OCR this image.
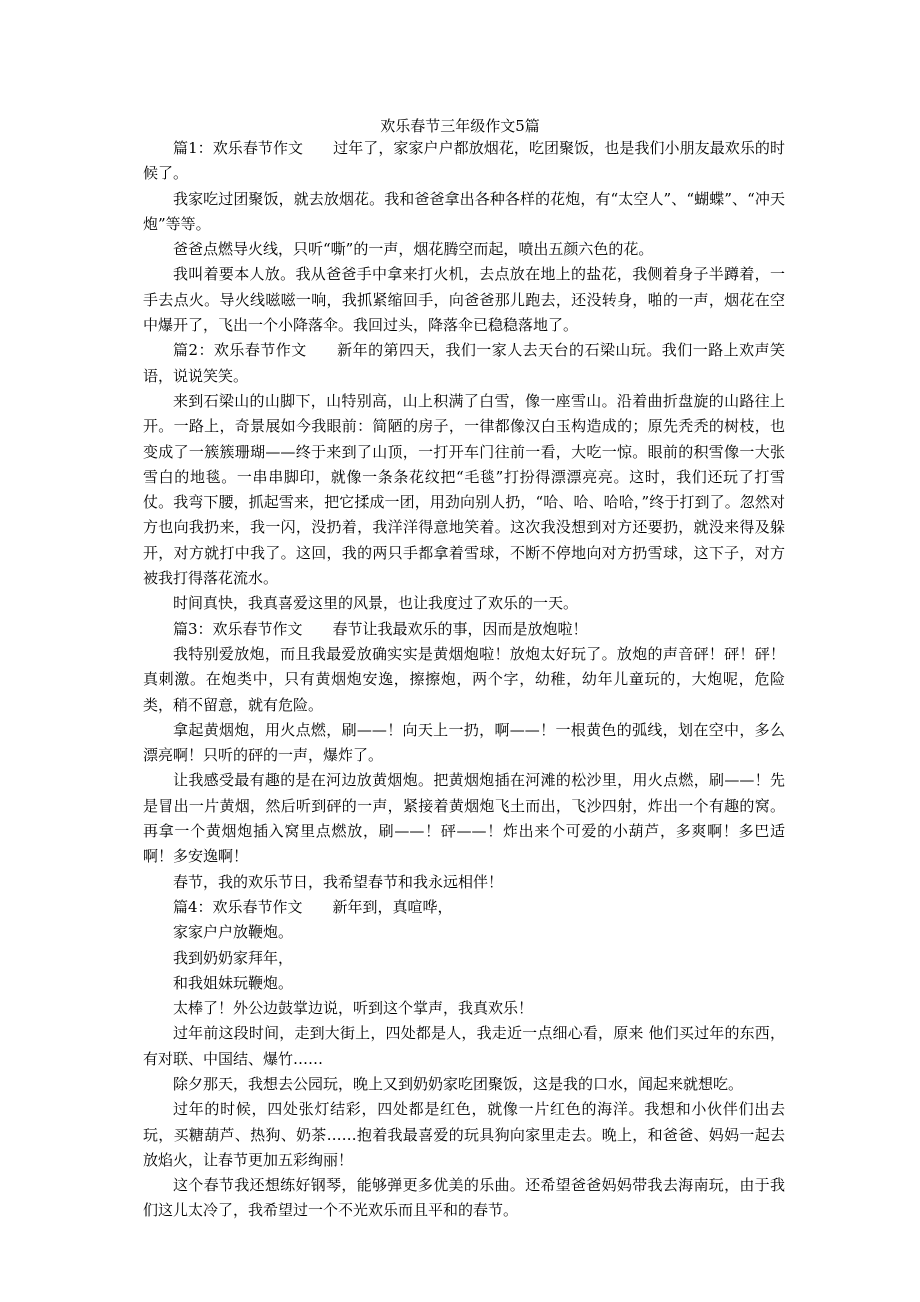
欢乐春节三年级作文5篇

篇1：欢乐春节作文 过年了，家家户户都放烟花，吃团聚饭，也是我们小朋友最欢乐的时候了。

我家吃过团聚饭，就去放烟花。我和爸爸拿出各种各样的花炮，有“太空人”、“蝴蝶”、“冲天炮”等等。

爸爸点燃导火线，只听“嘶”的一声，烟花腾空而起，喷出五颜六色的花。

我叫着要本人放。我从爸爸手中拿来打火机，去点放在地上的盐花，我侧着身子半蹲着，一手去点火。导火线嗞嗞一响，我抓紧缩回手，向爸爸那儿跑去，还没转身，啪的一声，烟花在空中爆开了，飞出一个小降落伞。我回过头，降落伞已稳稳落地了。

篇2：欢乐春节作文 新年的第四天，我们一家人去天台的石梁山玩。我们一路上欢声笑语，说说笑笑。

来到石梁山的山脚下，山特别高，山上积满了白雪，像一座雪山。沿着曲折盘旋的山路往上开。一路上，奇景展如今我眼前：简陋的房子，一律都像汉白玉构造成的；原先秃秃的树枝，也变成了一簇簇珊瑚——终于来到了山顶，一打开车门往前一看，大吃一惊。眼前的积雪像一大张雪白的地毯。一串串脚印，就像一条条花纹把“毛毯”打扮得漂漂亮亮。这时，我们还玩了打雪仗。我弯下腰，抓起雪来，把它揉成一团，用劲向别人扔，“哈、哈、哈哈，”终于打到了。忽然对方也向我扔来，我一闪，没扔着，我洋洋得意地笑着。这次我没想到对方还要扔，就没来得及躲开，对方就打中我了。这回，我的两只手都拿着雪球，不断不停地向对方扔雪球，这下子，对方被我打得落花流水。

时间真快，我真喜爱这里的风景，也让我度过了欢乐的一天。

篇3：欢乐春节作文 春节让我最欢乐的事，因而是放炮啦！

我特别爱放炮，而且我最爱放确实实是黄烟炮啦！放炮太好玩了。放炮的声音砰！砰！砰！真刺激。在炮类中，只有黄烟炮安逸，擦擦炮，两个字，幼稚，幼年儿童玩的，大炮呢，危险类，稍不留意，就有危险。

拿起黄烟炮，用火点燃，刷——！向天上一扔，啊——！一根黄色的弧线，划在空中，多么漂亮啊！只听的砰的一声，爆炸了。

让我感受最有趣的是在河边放黄烟炮。把黄烟炮插在河滩的松沙里，用火点燃，刷——！先是冒出一片黄烟，然后听到砰的一声，紧接着黄烟炮飞土而出，飞沙四射，炸出一个有趣的窝。再拿一个黄烟炮插入窝里点燃放，刷——！砰——！炸出来个可爱的小葫芦，多爽啊！多巴适啊！多安逸啊！

春节，我的欢乐节日，我希望春节和我永远相伴！

篇4：欢乐春节作文 新年到，真喧哗，

家家户户放鞭炮。

我到奶奶家拜年，

和我姐妹玩鞭炮。

太棒了！外公边鼓掌边说，听到这个掌声，我真欢乐！

过年前这段时间，走到大街上，四处都是人，我走近一点细心看，原来 他们买过年的东西，有对联、中国结、爆竹……

除夕那天，我想去公园玩，晚上又到奶奶家吃团聚饭，这是我的口水，闻起来就想吃。

过年的时候，四处张灯结彩，四处都是红色，就像一片红色的海洋。我想和小伙伴们出去玩，买糖葫芦、热狗、奶茶……抱着我最喜爱的玩具狗向家里走去。晚上，和爸爸、妈妈一起去放焰火，让春节更加五彩绚丽！

这个春节我还想练好钢琴，能够弹更多优美的乐曲。还希望爸爸妈妈带我去海南玩，由于我们这儿太冷了，我希望过一个不光欢乐而且平和的春节。
